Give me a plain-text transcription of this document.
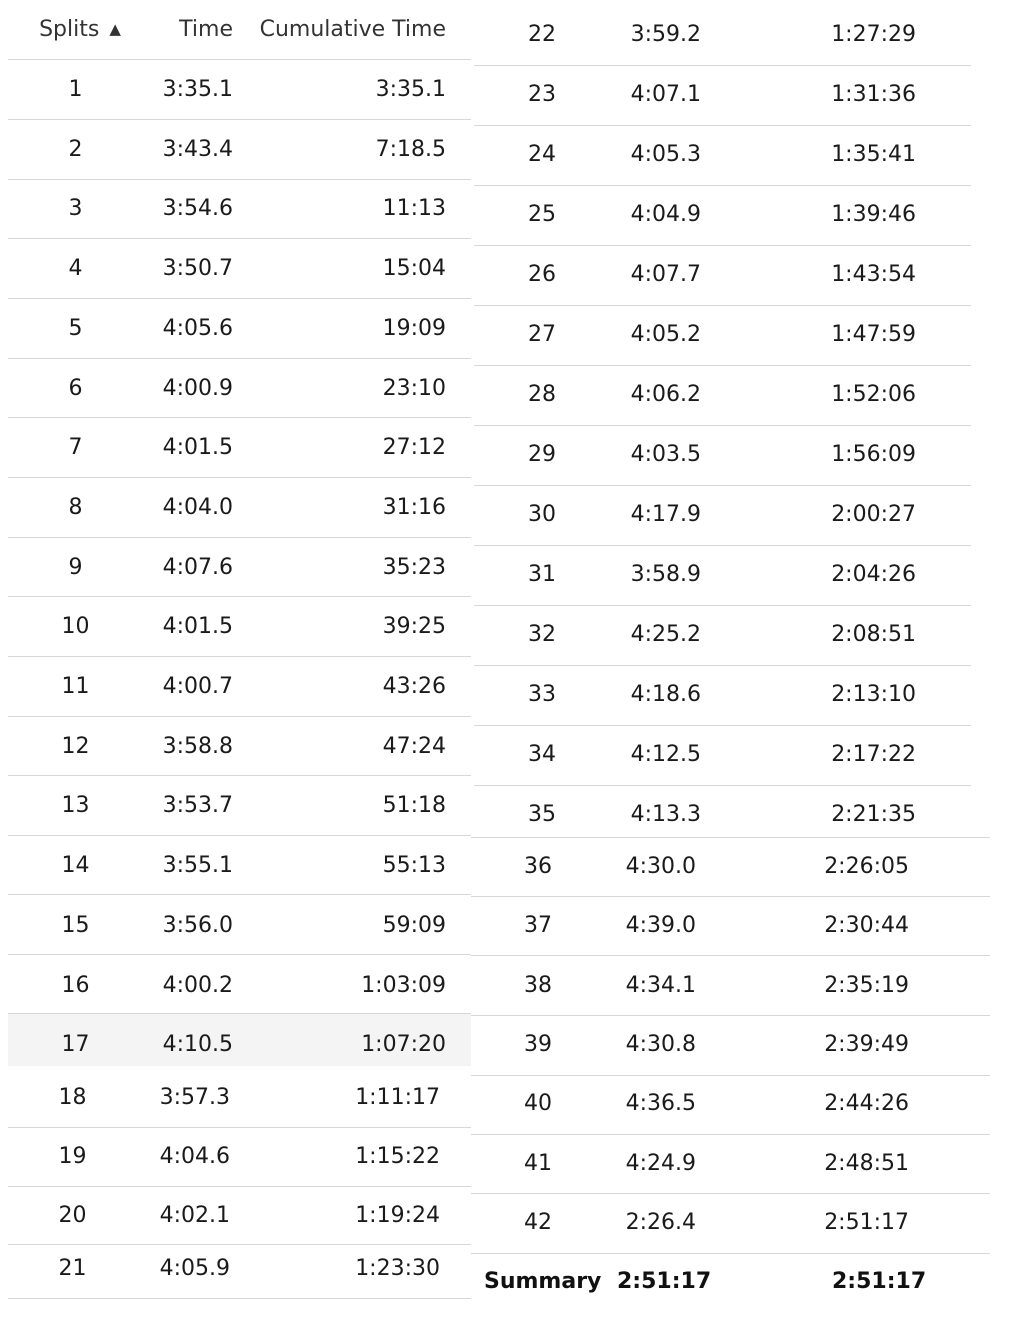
Splits ▲	Time	Cumulative Time
1	3:35.1	3:35.1
2	3:43.4	7:18.5
3	3:54.6	11:13
4	3:50.7	15:04
5	4:05.6	19:09
6	4:00.9	23:10
7	4:01.5	27:12
8	4:04.0	31:16
9	4:07.6	35:23
10	4:01.5	39:25
11	4:00.7	43:26
12	3:58.8	47:24
13	3:53.7	51:18
14	3:55.1	55:13
15	3:56.0	59:09
16	4:00.2	1:03:09
17	4:10.5	1:07:20
18	3:57.3	1:11:17
19	4:04.6	1:15:22
20	4:02.1	1:19:24
21	4:05.9	1:23:30
22	3:59.2	1:27:29
23	4:07.1	1:31:36
24	4:05.3	1:35:41
25	4:04.9	1:39:46
26	4:07.7	1:43:54
27	4:05.2	1:47:59
28	4:06.2	1:52:06
29	4:03.5	1:56:09
30	4:17.9	2:00:27
31	3:58.9	2:04:26
32	4:25.2	2:08:51
33	4:18.6	2:13:10
34	4:12.5	2:17:22
35	4:13.3	2:21:35
36	4:30.0	2:26:05
37	4:39.0	2:30:44
38	4:34.1	2:35:19
39	4:30.8	2:39:49
40	4:36.5	2:44:26
41	4:24.9	2:48:51
42	2:26.4	2:51:17
Summary 2:51:17	2:51:17
